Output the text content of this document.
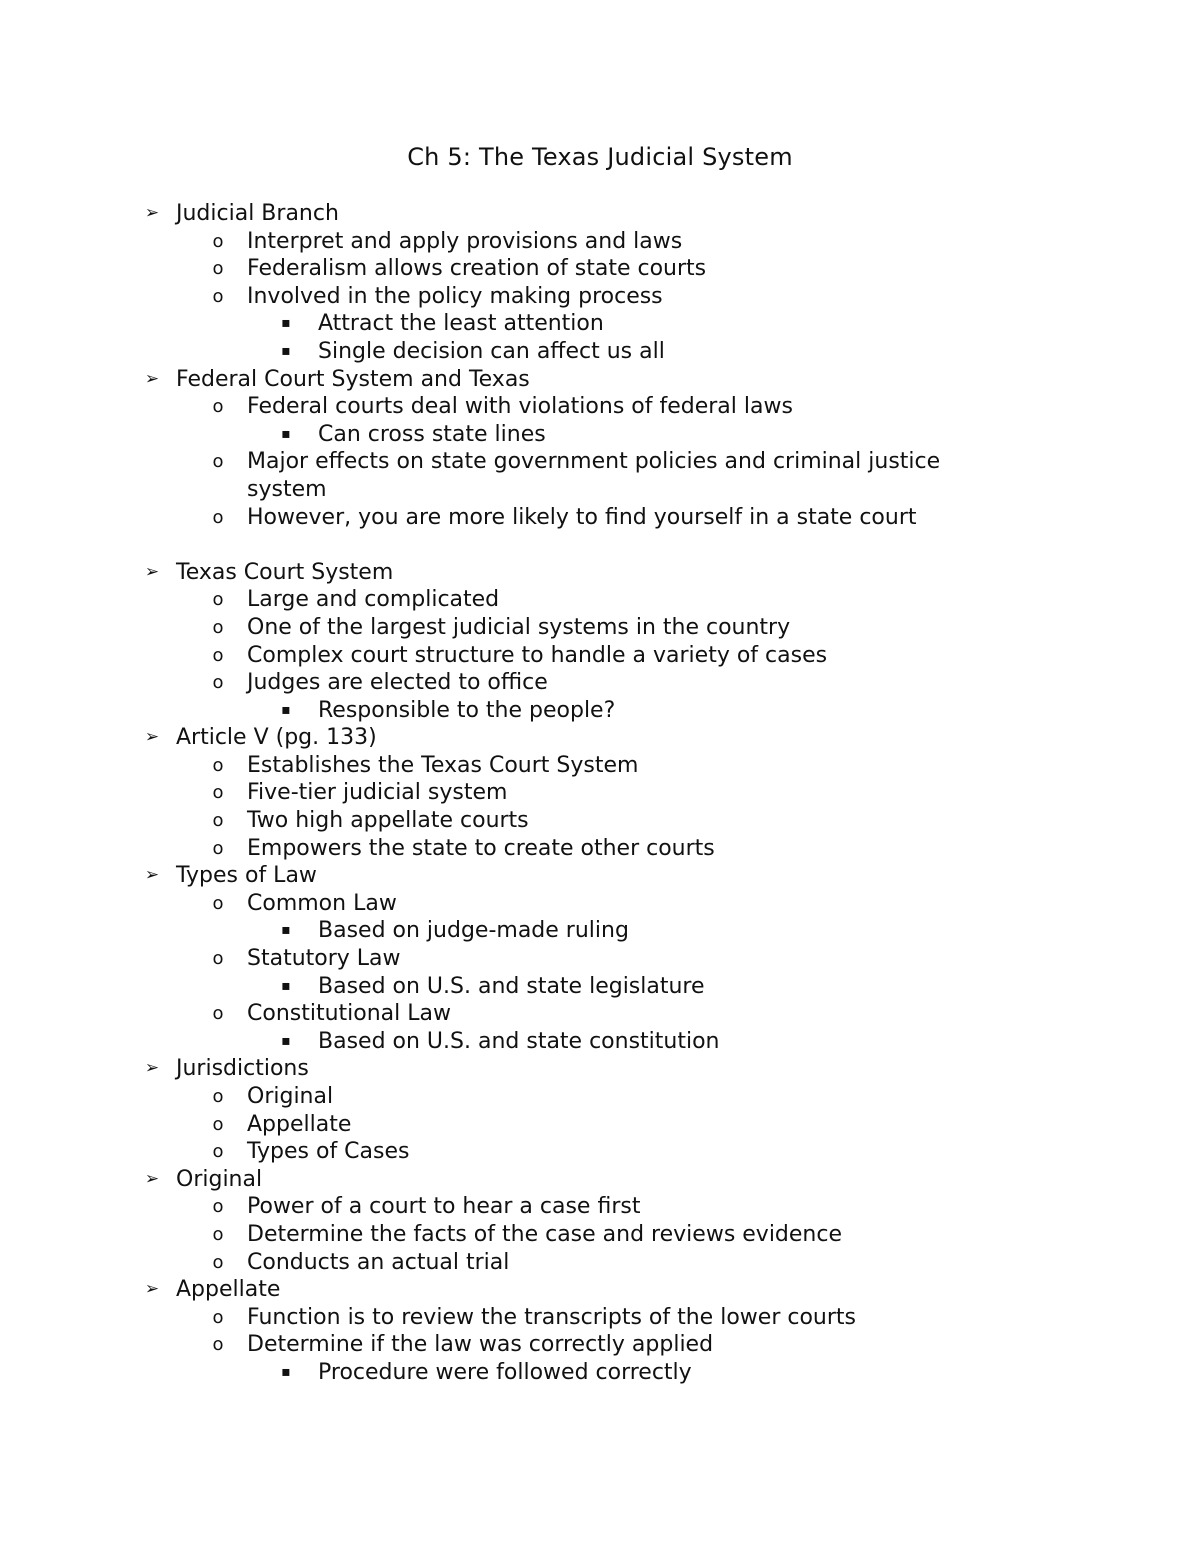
Ch 5: The Texas Judicial System
➢ Judicial Branch
o Interpret and apply provisions and laws
o Federalism allows creation of state courts
o Involved in the policy making process
▪ Attract the least attention
▪ Single decision can affect us all
➢ Federal Court System and Texas
o Federal courts deal with violations of federal laws
▪ Can cross state lines
o Major effects on state government policies and criminal justice system
o However, you are more likely to find yourself in a state court
➢ Texas Court System
o Large and complicated
o One of the largest judicial systems in the country
o Complex court structure to handle a variety of cases
o Judges are elected to office
▪ Responsible to the people?
➢ Article V (pg. 133)
o Establishes the Texas Court System
o Five-tier judicial system
o Two high appellate courts
o Empowers the state to create other courts
➢ Types of Law
o Common Law
▪ Based on judge-made ruling
o Statutory Law
▪ Based on U.S. and state legislature
o Constitutional Law
▪ Based on U.S. and state constitution
➢ Jurisdictions
o Original
o Appellate
o Types of Cases
➢ Original
o Power of a court to hear a case first
o Determine the facts of the case and reviews evidence
o Conducts an actual trial
➢ Appellate
o Function is to review the transcripts of the lower courts
o Determine if the law was correctly applied
▪ Procedure were followed correctly
